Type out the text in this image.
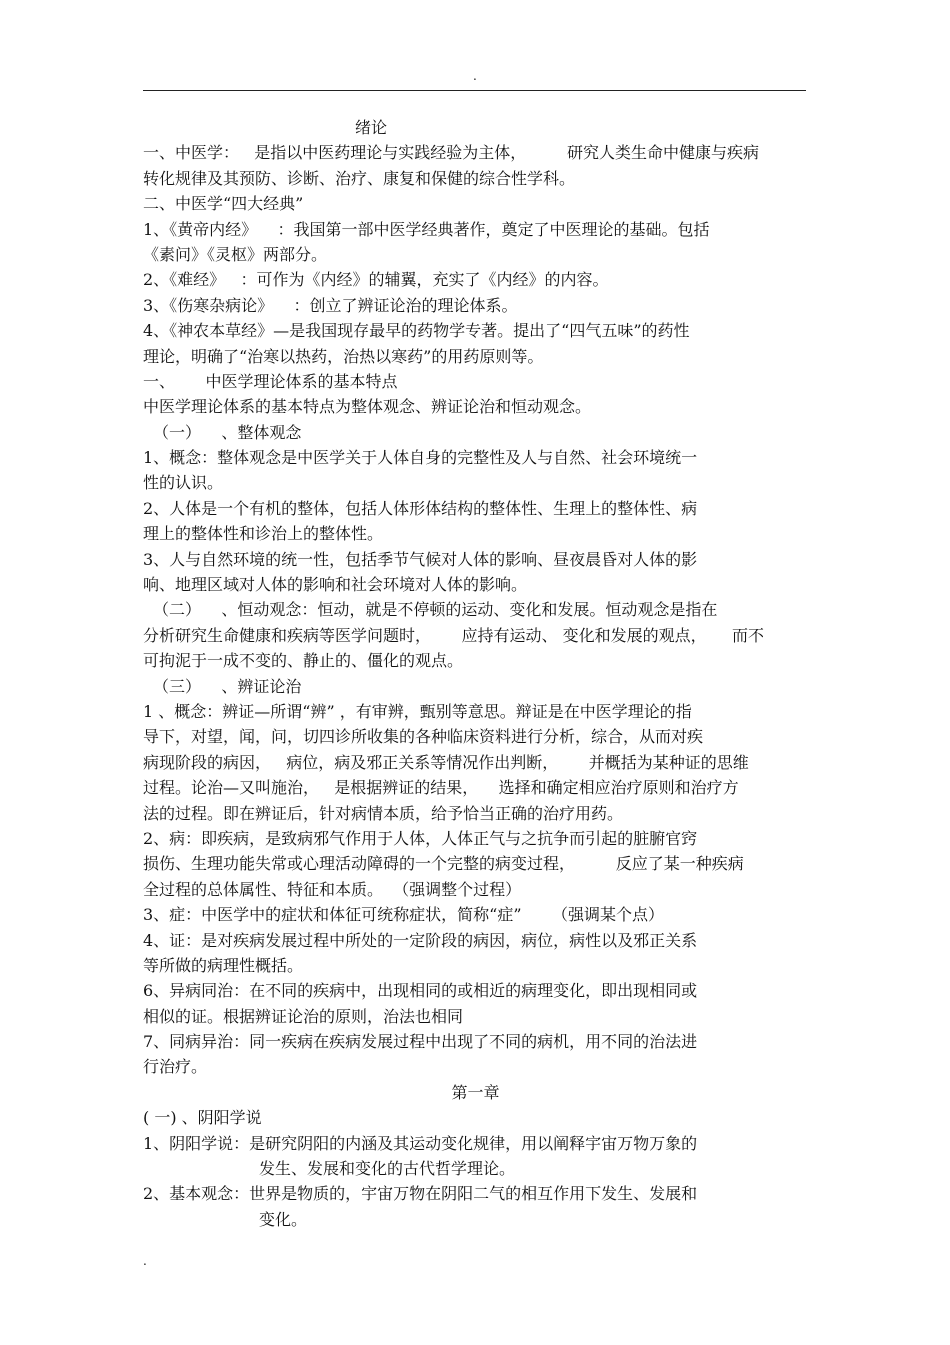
.
绪论
一、中医学：   是指以中医药理论与实践经验为主体，        研究人类生命中健康与疾病
转化规律及其预防、诊断、治疗、康复和保健的综合性学科。
二、中医学“四大经典”
1、《黄帝内经》    ：我国第一部中医学经典著作，奠定了中医理论的基础。包括
《素问》《灵枢》两部分。
2、《难经》   ：可作为《内经》的辅翼，充实了《内经》的内容。
3、《伤寒杂病论》    ：创立了辨证论治的理论体系。
4、《神农本草经》—是我国现存最早的药物学专著。提出了“四气五味”的药性
理论，明确了“治寒以热药，治热以寒药”的用药原则等。
一、      中医学理论体系的基本特点
中医学理论体系的基本特点为整体观念、辨证论治和恒动观念。
（一）    、整体观念
1、概念：整体观念是中医学关于人体自身的完整性及人与自然、社会环境统一
性的认识。
2、人体是一个有机的整体，包括人体形体结构的整体性、生理上的整体性、病
理上的整体性和诊治上的整体性。
3、人与自然环境的统一性，包括季节气候对人体的影响、昼夜晨昏对人体的影
响、地理区域对人体的影响和社会环境对人体的影响。
（二）    、恒动观念：恒动，就是不停顿的运动、变化和发展。恒动观念是指在
分析研究生命健康和疾病等医学问题时，      应持有运动、 变化和发展的观点，     而不
可拘泥于一成不变的、静止的、僵化的观点。
（三）    、辨证论治
1 、概念：辨证—所谓“辨” ，有审辨，甄别等意思。辩证是在中医学理论的指
导下，对望，闻，问，切四诊所收集的各种临床资料进行分析，综合，从而对疾
病现阶段的病因，   病位，病及邪正关系等情况作出判断，      并概括为某种证的思维
过程。论治—又叫施治，   是根据辨证的结果，    选择和确定相应治疗原则和治疗方
法的过程。即在辨证后，针对病情本质，给予恰当正确的治疗用药。
2、病：即疾病，是致病邪气作用于人体，人体正气与之抗争而引起的脏腑官窍
损伤、生理功能失常或心理活动障碍的一个完整的病变过程，        反应了某一种疾病
全过程的总体属性、特征和本质。  （强调整个过程）
3、症：中医学中的症状和体征可统称症状，简称“症”      （强调某个点）
4、证：是对疾病发展过程中所处的一定阶段的病因，病位，病性以及邪正关系
等所做的病理性概括。
6、异病同治：在不同的疾病中，出现相同的或相近的病理变化，即出现相同或
相似的证。根据辨证论治的原则，治法也相同
7、同病异治：同一疾病在疾病发展过程中出现了不同的病机，用不同的治法进
行治疗。
第一章
( 一) 、阴阳学说
1、阴阳学说：是研究阴阳的内涵及其运动变化规律，用以阐释宇宙万物万象的
发生、发展和变化的古代哲学理论。
2、基本观念：世界是物质的，宇宙万物在阴阳二气的相互作用下发生、发展和
变化。
.
